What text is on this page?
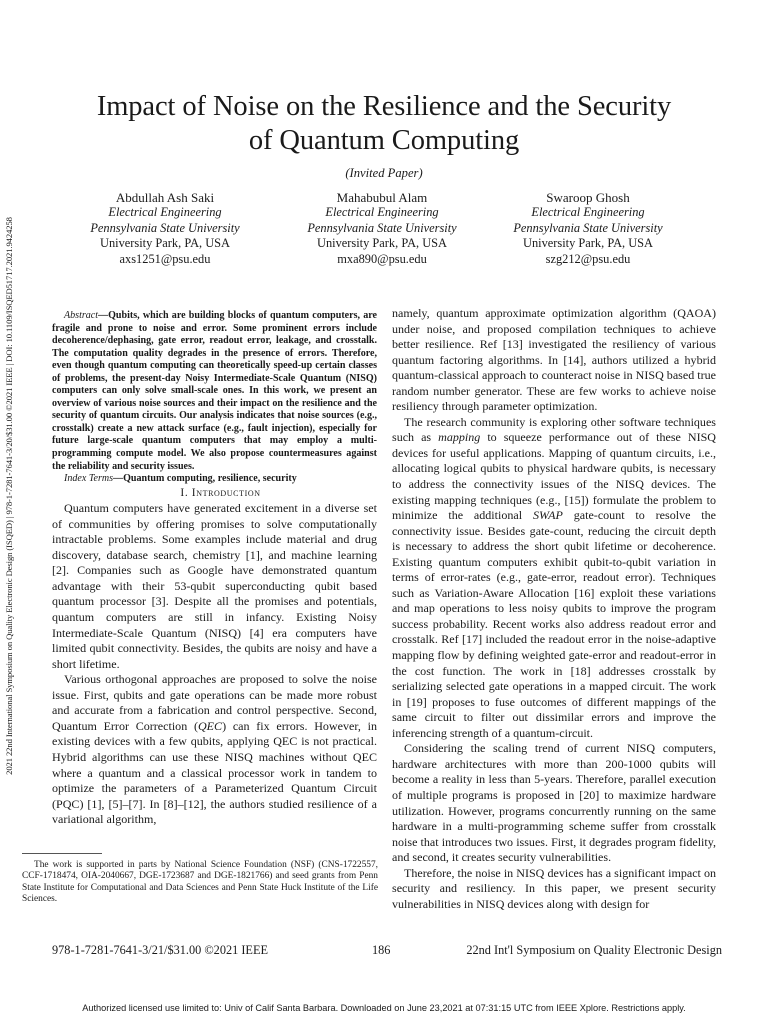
2021 22nd International Symposium on Quality Electronic Design (ISQED) | 978-1-7281-7641-3/20/$31.00 ©2021 IEEE | DOI: 10.1109/ISQED51717.2021.9424258
Impact of Noise on the Resilience and the Security
of Quantum Computing
(Invited Paper)
Abdullah Ash Saki
Electrical Engineering
Pennsylvania State University
University Park, PA, USA
axs1251@psu.edu
Mahabubul Alam
Electrical Engineering
Pennsylvania State University
University Park, PA, USA
mxa890@psu.edu
Swaroop Ghosh
Electrical Engineering
Pennsylvania State University
University Park, PA, USA
szg212@psu.edu

Abstract—Qubits, which are building blocks of quantum computers, are fragile and prone to noise and error. Some prominent errors include decoherence/dephasing, gate error, readout error, leakage, and crosstalk. The computation quality degrades in the presence of errors. Therefore, even though quantum computing can theoretically speed-up certain classes of problems, the present-day Noisy Intermediate-Scale Quantum (NISQ) computers can only solve small-scale ones. In this work, we present an overview of various noise sources and their impact on the resilience and the security of quantum circuits. Our analysis indicates that noise sources (e.g., crosstalk) create a new attack surface (e.g., fault injection), especially for future large-scale quantum computers that may employ a multi-programming compute model. We also propose countermeasures against the reliability and security issues.

Index Terms—Quantum computing, resilience, security

I. Introduction

Quantum computers have generated excitement in a diverse set of communities by offering promises to solve computationally intractable problems. Some examples include material and drug discovery, database search, chemistry [1], and machine learning [2]. Companies such as Google have demonstrated quantum advantage with their 53-qubit superconducting qubit based quantum processor [3]. Despite all the promises and potentials, quantum computers are still in infancy. Existing Noisy Intermediate-Scale Quantum (NISQ) [4] era computers have limited qubit connectivity. Besides, the qubits are noisy and have a short lifetime.

Various orthogonal approaches are proposed to solve the noise issue. First, qubits and gate operations can be made more robust and accurate from a fabrication and control perspective. Second, Quantum Error Correction (QEC) can fix errors. However, in existing devices with a few qubits, applying QEC is not practical. Hybrid algorithms can use these NISQ machines without QEC where a quantum and a classical processor work in tandem to optimize the parameters of a Parameterized Quantum Circuit (PQC) [1], [5]–[7]. In [8]–[12], the authors studied resilience of a variational algorithm,

The work is supported in parts by National Science Foundation (NSF) (CNS-1722557, CCF-1718474, OIA-2040667, DGE-1723687 and DGE-1821766) and seed grants from Penn State Institute for Computational and Data Sciences and Penn State Huck Institute of the Life Sciences.

namely, quantum approximate optimization algorithm (QAOA) under noise, and proposed compilation techniques to achieve better resilience. Ref [13] investigated the resiliency of various quantum factoring algorithms. In [14], authors utilized a hybrid quantum-classical approach to counteract noise in NISQ based true random number generator. These are few works to achieve noise resiliency through parameter optimization.

The research community is exploring other software techniques such as mapping to squeeze performance out of these NISQ devices for useful applications. Mapping of quantum circuits, i.e., allocating logical qubits to physical hardware qubits, is necessary to address the connectivity issues of the NISQ devices. The existing mapping techniques (e.g., [15]) formulate the problem to minimize the additional SWAP gate-count to resolve the connectivity issue. Besides gate-count, reducing the circuit depth is necessary to address the short qubit lifetime or decoherence. Existing quantum computers exhibit qubit-to-qubit variation in terms of error-rates (e.g., gate-error, readout error). Techniques such as Variation-Aware Allocation [16] exploit these variations and map operations to less noisy qubits to improve the program success probability. Recent works also address readout error and crosstalk. Ref [17] included the readout error in the noise-adaptive mapping flow by defining weighted gate-error and readout-error in the cost function. The work in [18] addresses crosstalk by serializing selected gate operations in a mapped circuit. The work in [19] proposes to fuse outcomes of different mappings of the same circuit to filter out dissimilar errors and improve the inferencing strength of a quantum-circuit.

Considering the scaling trend of current NISQ computers, hardware architectures with more than 200-1000 qubits will become a reality in less than 5-years. Therefore, parallel execution of multiple programs is proposed in [20] to maximize hardware utilization. However, programs concurrently running on the same hardware in a multi-programming scheme suffer from crosstalk noise that introduces two issues. First, it degrades program fidelity, and second, it creates security vulnerabilities.

Therefore, the noise in NISQ devices has a significant impact on security and resiliency. In this paper, we present security vulnerabilities in NISQ devices along with design for

978-1-7281-7641-3/21/$31.00 ©2021 IEEE	186	22nd Int'l Symposium on Quality Electronic Design
Authorized licensed use limited to: Univ of Calif Santa Barbara. Downloaded on June 23,2021 at 07:31:15 UTC from IEEE Xplore. Restrictions apply.
